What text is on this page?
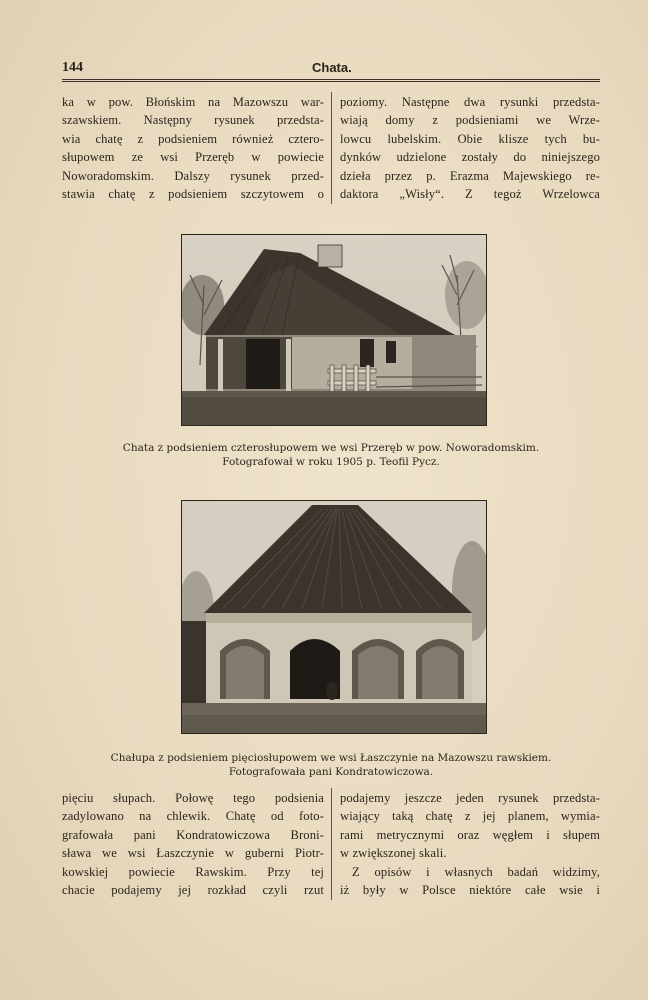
144	Chata.
ka w pow. Błońskim na Mazowszu war-
szawskiem. Następny rysunek przedsta-
wia chatę z podsieniem również cztero-
słupowem ze wsi Przeręb w powiecie
Noworadomskim. Dalszy rysunek przed-
stawia chatę z podsieniem szczytowem o
poziomy. Następne dwa rysunki przedsta-
wiają domy z podsieniami we Wrze-
lowcu lubelskim. Obie klisze tych bu-
dynków udzielone zostały do niniejszego
dzieła przez p. Erazma Majewskiego re-
daktora „Wisły“. Z tegoż Wrzelowca
Chata z podsieniem czterosłupowem we wsi Przeręb w pow. Noworadomskim.
Fotografował w roku 1905 p. Teofil Pycz.
Chałupa z podsieniem pięciosłupowem we wsi Łaszczynie na Mazowszu rawskiem.
Fotografowała pani Kondratowiczowa.
pięciu słupach. Połowę tego podsienia
zadylowano na chlewik. Chatę od foto-
grafowała pani Kondratowiczowa Broni-
sława we wsi Łaszczynie w guberni Piotr-
kowskiej powiecie Rawskim. Przy tej
chacie podajemy jej rozkład czyli rzut
podajemy jeszcze jeden rysunek przedsta-
wiający taką chatę z jej planem, wymia-
rami metrycznymi oraz węgłem i słupem
w zwiększonej skali.
Z opisów i własnych badań widzimy,
iż były w Polsce niektóre całe wsie i
